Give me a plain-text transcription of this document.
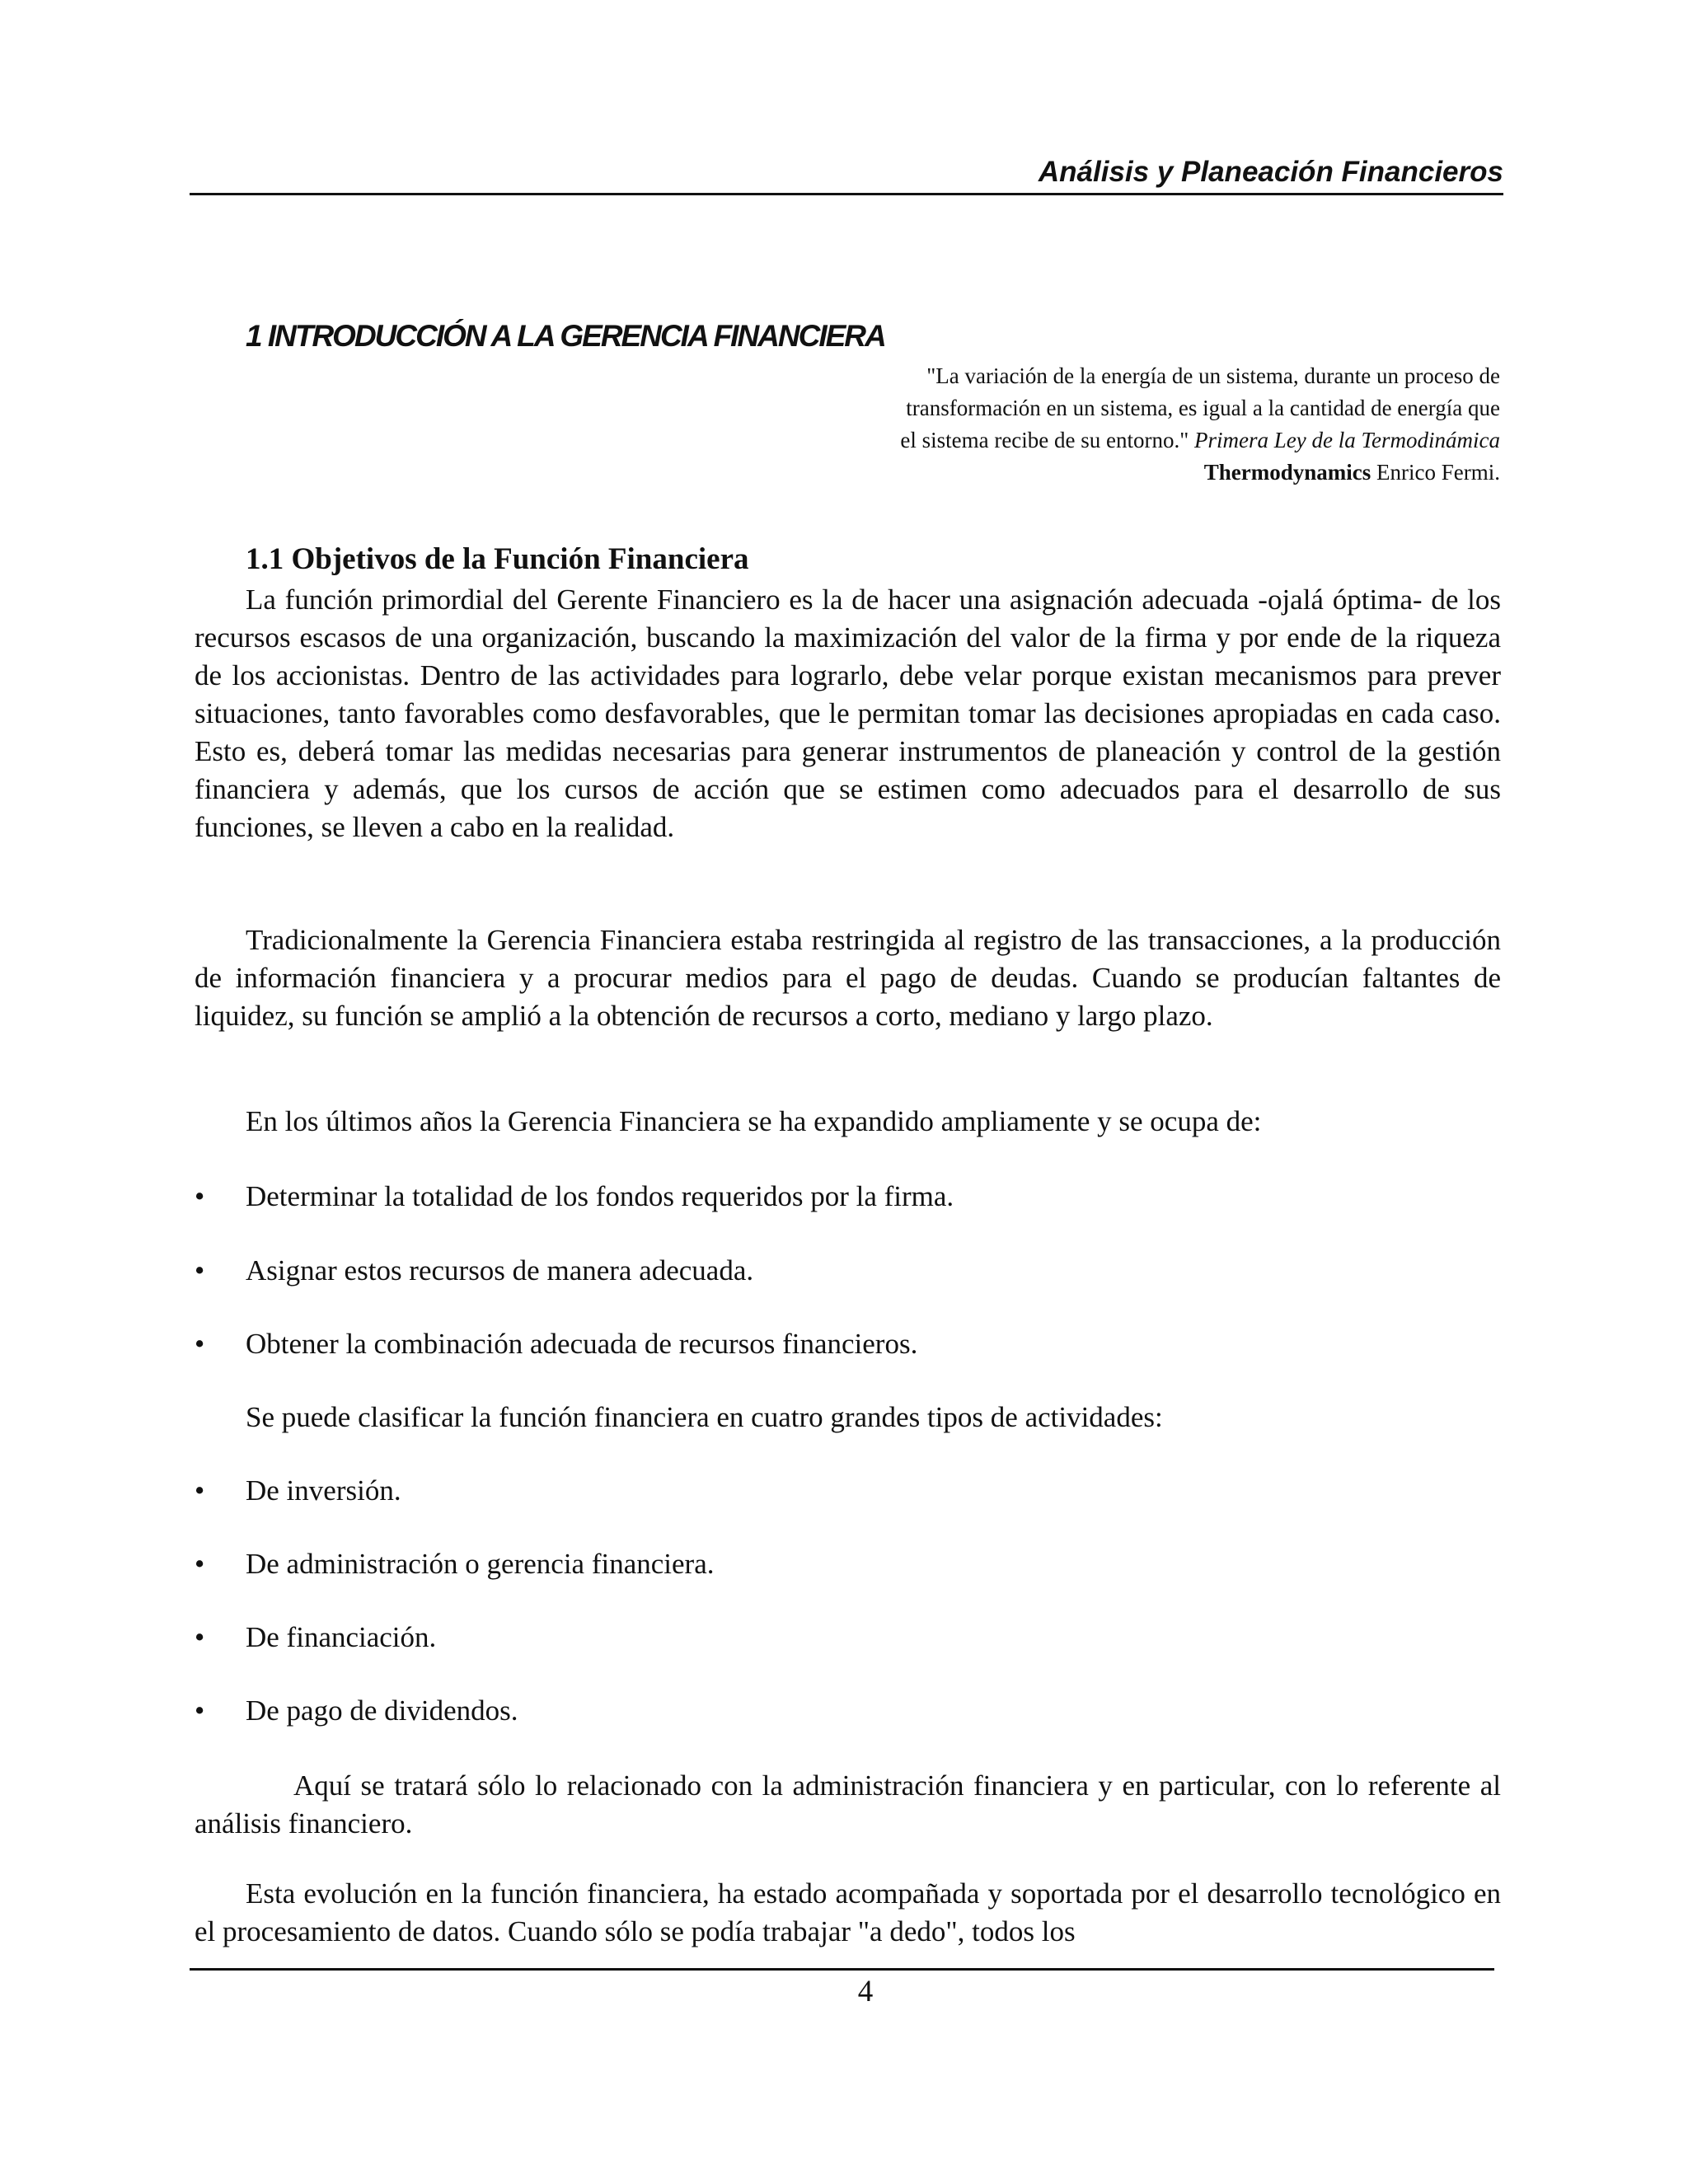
Análisis y Planeación Financieros
1 INTRODUCCIÓN A LA GERENCIA FINANCIERA
"La variación de la energía de un sistema, durante un proceso de
transformación en un sistema, es igual a la cantidad de energía que
el sistema recibe de su entorno." Primera Ley de la Termodinámica
Thermodynamics Enrico Fermi.
1.1 Objetivos de la Función Financiera
La función primordial del Gerente Financiero es la de hacer una asignación adecuada -ojalá óptima- de los recursos escasos de una organización, buscando la maximización del valor de la firma y por ende de la riqueza de los accionistas. Dentro de las actividades para lograrlo, debe velar porque existan mecanismos para prever situaciones, tanto favorables como desfavorables, que le permitan tomar las decisiones apropiadas en cada caso. Esto es, deberá tomar las medidas necesarias para generar instrumentos de planeación y control de la gestión financiera y además, que los cursos de acción que se estimen como adecuados para el desarrollo de sus funciones, se lleven a cabo en la realidad.
Tradicionalmente la Gerencia Financiera estaba restringida al registro de las transacciones, a la producción de información financiera y a procurar medios para el pago de deudas. Cuando se producían faltantes de liquidez, su función se amplió a la obtención de recursos a corto, mediano y largo plazo.
En los últimos años la Gerencia Financiera se ha expandido ampliamente y se ocupa de:
• Determinar la totalidad de los fondos requeridos por la firma.
• Asignar estos recursos de manera adecuada.
• Obtener la combinación adecuada de recursos financieros.
Se puede clasificar la función financiera en cuatro grandes tipos de actividades:
• De inversión.
• De administración o gerencia financiera.
• De financiación.
• De pago de dividendos.
Aquí se tratará sólo lo relacionado con la administración financiera y en particular, con lo referente al análisis financiero.
Esta evolución en la función financiera, ha estado acompañada y soportada por el desarrollo tecnológico en el procesamiento de datos. Cuando sólo se podía trabajar "a dedo", todos los
4
